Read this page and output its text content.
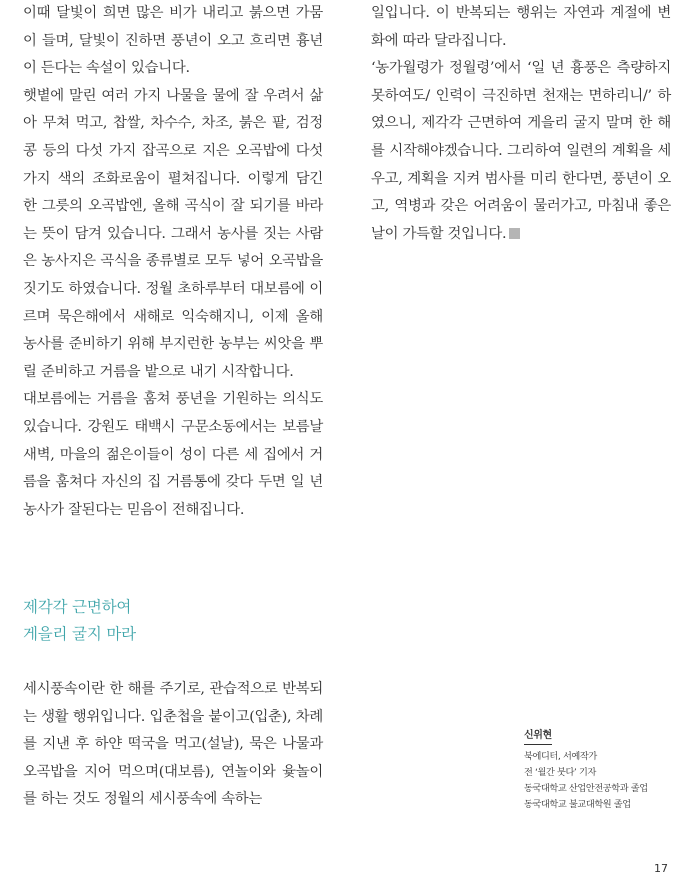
이때 달빛이 희면 많은 비가 내리고 붉으면 가뭄이 들며, 달빛이 진하면 풍년이 오고 흐리면 흉년이 든다는 속설이 있습니다.

햇볕에 말린 여러 가지 나물을 물에 잘 우려서 삶아 무쳐 먹고, 찹쌀, 차수수, 차조, 붉은 팥, 검정콩 등의 다섯 가지 잡곡으로 지은 오곡밥에 다섯 가지 색의 조화로움이 펼쳐집니다. 이렇게 담긴 한 그릇의 오곡밥엔, 올해 곡식이 잘 되기를 바라는 뜻이 담겨 있습니다. 그래서 농사를 짓는 사람은 농사지은 곡식을 종류별로 모두 넣어 오곡밥을 짓기도 하였습니다. 정월 초하루부터 대보름에 이르며 묵은해에서 새해로 익숙해지니, 이제 올해 농사를 준비하기 위해 부지런한 농부는 씨앗을 뿌릴 준비하고 거름을 밭으로 내기 시작합니다.

대보름에는 거름을 훔쳐 풍년을 기원하는 의식도 있습니다. 강원도 태백시 구문소동에서는 보름날 새벽, 마을의 젊은이들이 성이 다른 세 집에서 거름을 훔쳐다 자신의 집 거름통에 갖다 두면 일 년 농사가 잘된다는 믿음이 전해집니다.

제각각 근면하여
게을리 굴지 마라

세시풍속이란 한 해를 주기로, 관습적으로 반복되는 생활 행위입니다. 입춘첩을 붙이고(입춘), 차례를 지낸 후 하얀 떡국을 먹고(설날), 묵은 나물과 오곡밥을 지어 먹으며(대보름), 연놀이와 윷놀이를 하는 것도 정월의 세시풍속에 속하는

일입니다. 이 반복되는 행위는 자연과 계절에 변화에 따라 달라집니다.

‘농가월령가 정월령’에서 ‘일 년 흉풍은 측량하지 못하여도/ 인력이 극진하면 천재는 면하리니/’ 하였으니, 제각각 근면하여 게을리 굴지 말며 한 해를 시작해야겠습니다. 그리하여 일련의 계획을 세우고, 계획을 지켜 범사를 미리 한다면, 풍년이 오고, 역병과 갖은 어려움이 물러가고, 마침내 좋은 날이 가득할 것입니다.

신위현
북에디터, 서예작가
전 ‘월간 붓다’ 기자
동국대학교 산업안전공학과 졸업
동국대학교 불교대학원 졸업
17
